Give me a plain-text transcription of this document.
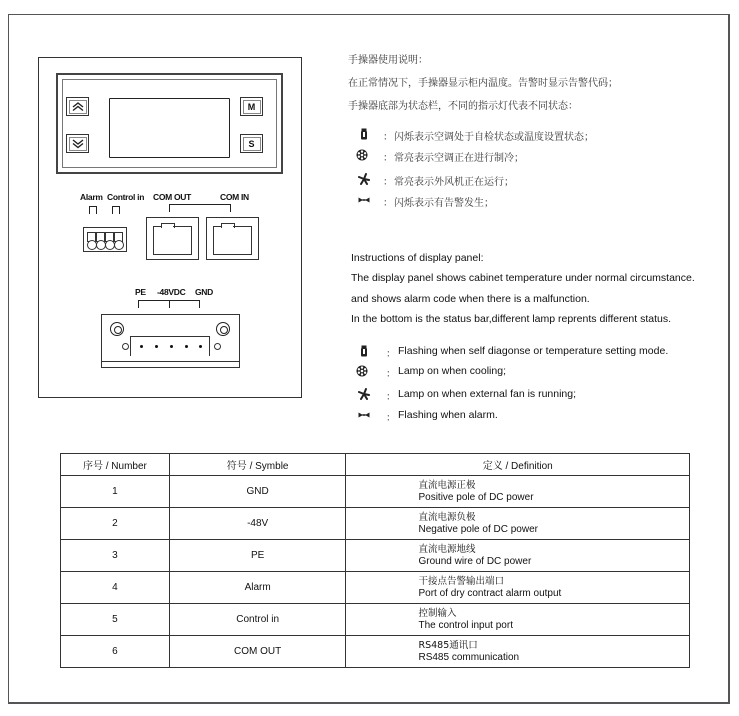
M
S
Alarm Control in COM OUT	COM IN
PE -48VDC GND
手操器使用说明：
在正常情况下，手操器显示柜内温度。告警时显示告警代码；
手操器底部为状态栏，不同的指示灯代表不同状态：
： 闪烁表示空调处于自检状态或温度设置状态；
： 常亮表示空调正在进行制冷；
： 常亮表示外风机正在运行；
： 闪烁表示有告警发生；
Instructions of display panel:
The display panel shows cabinet temperature under normal circumstance.
and shows alarm code when there is a malfunction.
In the bottom is the status bar,different lamp reprents different status.
： Flashing when self diagonse or temperature setting mode.
： Lamp on when cooling;
： Lamp on when external fan is running;
： Flashing when alarm.
序号 / Number	符号 / Symble	定义 / Definition
1	GND	直流电源正极
Positive pole of DC power

2	-48V	直流电源负极
Negative pole of DC power

3	PE	直流电源地线
Ground wire of DC power

4	Alarm	干接点告警输出端口
Port of dry contract alarm output

5	Control in	控制输入
The control input port

6	COM OUT	RS485通讯口
RS485 communication
